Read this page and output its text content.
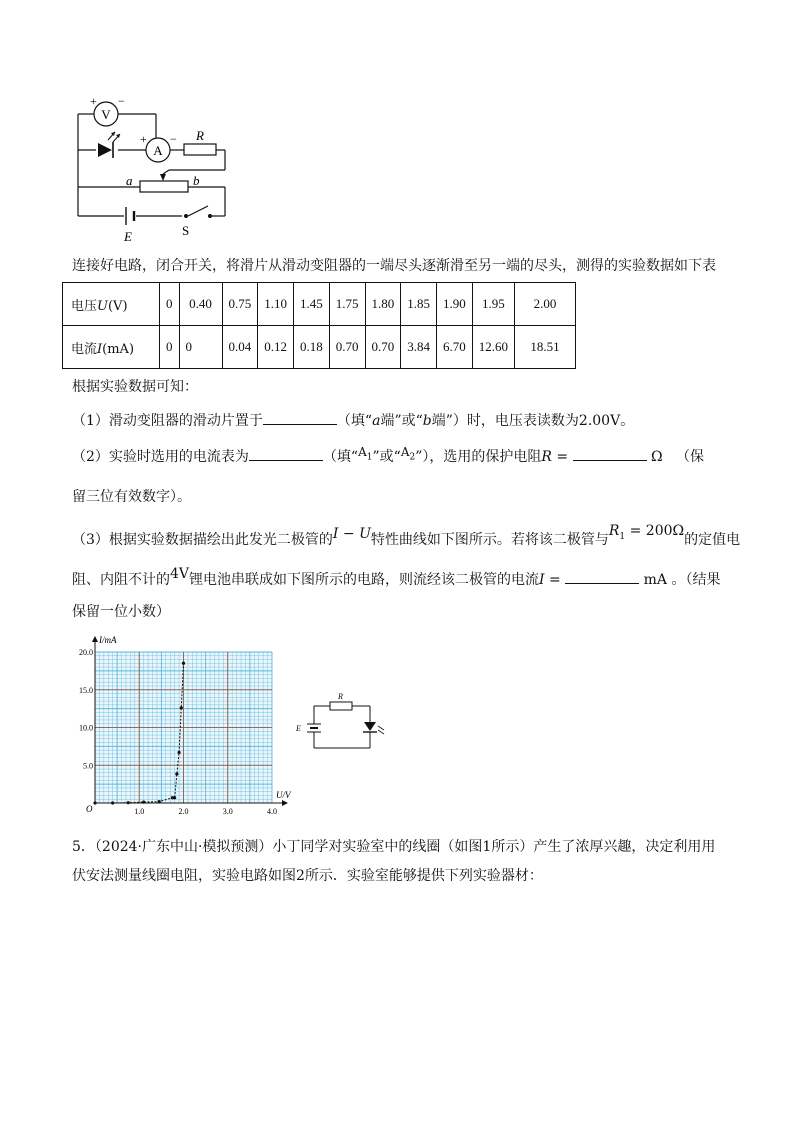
V
+ −
A
+ − R
a	b
E	S
连接好电路，闭合开关，将滑片从滑动变阻器的一端尽头逐渐滑至另一端的尽头，测得的实验数据如下表
电压U(V)	0	0.40	0.75	1.10	1.45	1.75	1.80	1.85	1.90	1.95	2.00
电流I(mA)	0	0	0.04	0.12	0.18	0.70	0.70	3.84	6.70	12.60	18.51
根据实验数据可知：
（1）滑动变阻器的滑动片置于	（填“a端”或“b端”）时，电压表读数为2.00V。
（2）实验时选用的电流表为	（填“$A_1$”或“$A_2$”），选用的保护电阻R =	Ω （保
留三位有效数字）。
（3）根据实验数据描绘出此发光二极管的I − U特性曲线如下图所示。若将该二极管与$R_1 = 200\Omega$的定值电
阻、内阻不计的4V锂电池串联成如下图所示的电路，则流经该二极管的电流I =	mA 。（结果
保留一位小数）
1.0	2.0	3.0	4.0
5.0
10.0
15.0
20.0
I/mA
U/V
O
R
E
5．（2024·广东中山·模拟预测）小丁同学对实验室中的线圈（如图1所示）产生了浓厚兴趣，决定利用用
伏安法测量线圈电阻，实验电路如图2所示．实验室能够提供下列实验器材：
